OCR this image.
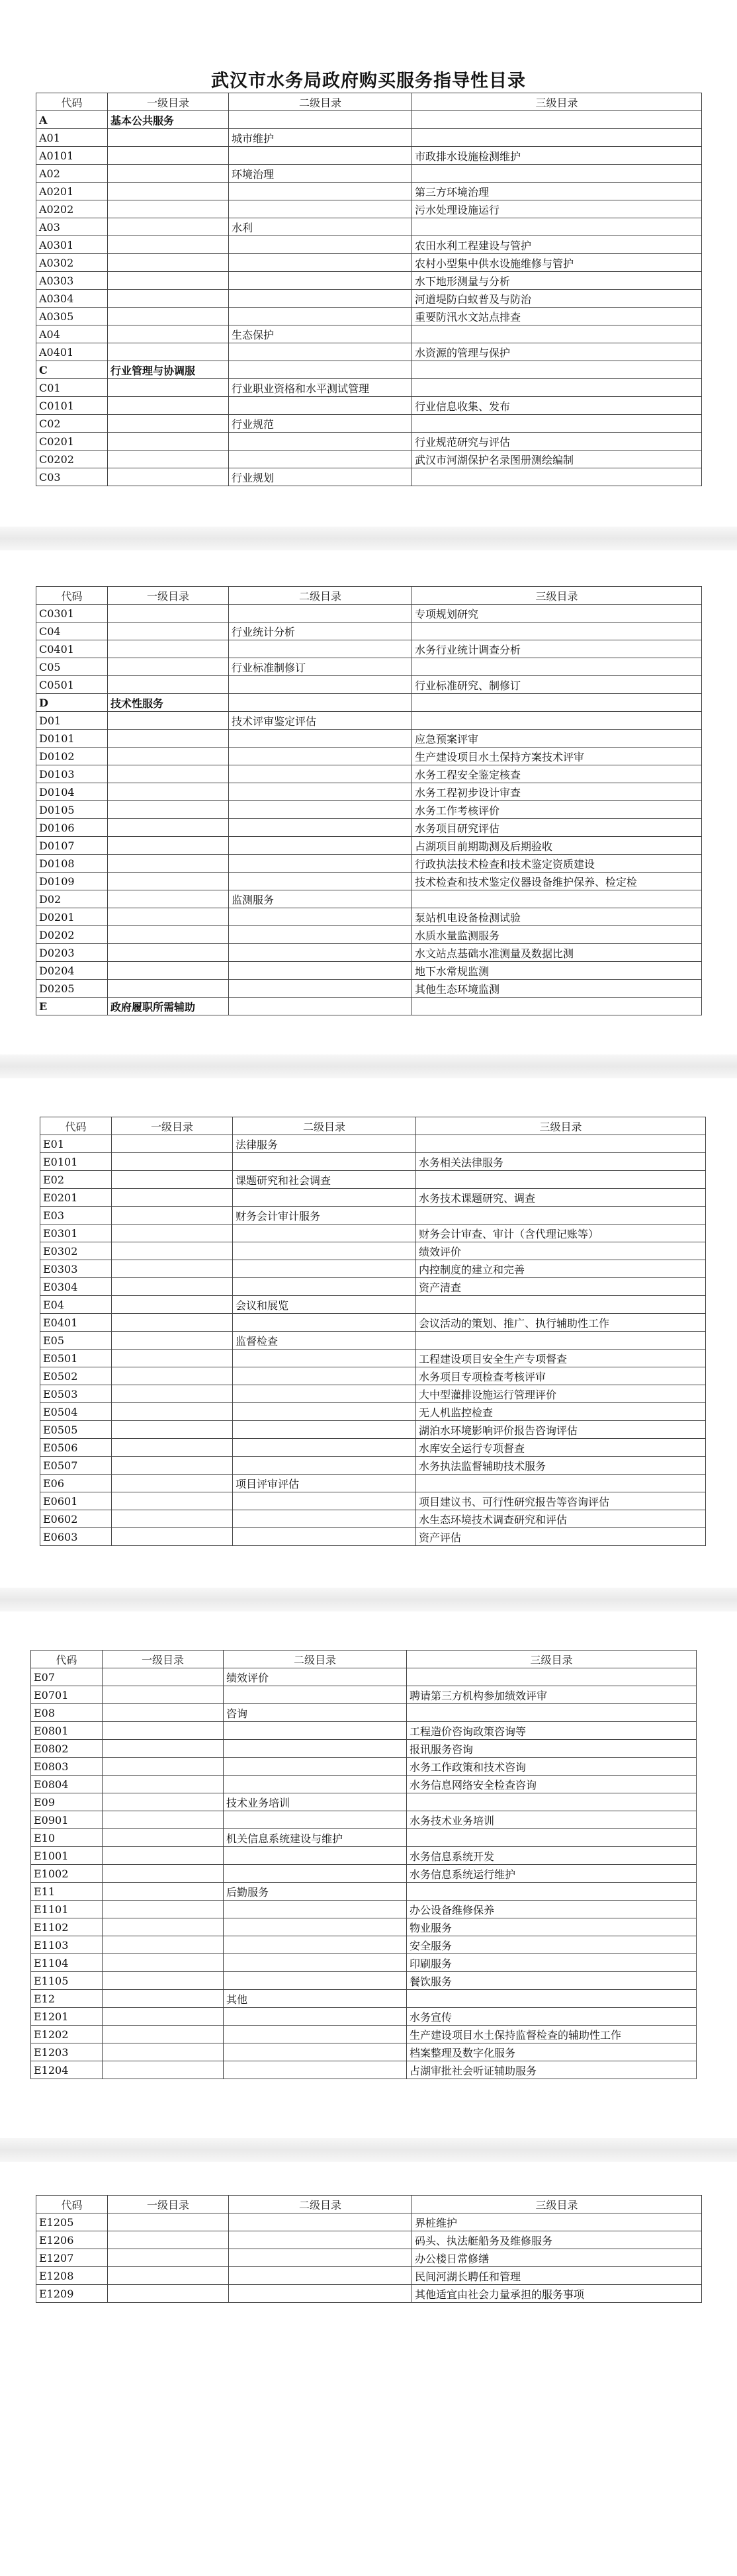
武汉市水务局政府购买服务指导性目录
代码	一级目录	二级目录	三级目录
A	基本公共服务		
A01		城市维护	
A0101			市政排水设施检测维护
A02		环境治理	
A0201			第三方环境治理
A0202			污水处理设施运行
A03		水利	
A0301			农田水利工程建设与管护
A0302			农村小型集中供水设施维修与管护
A0303			水下地形测量与分析
A0304			河道堤防白蚁普及与防治
A0305			重要防汛水文站点排查
A04		生态保护	
A0401			水资源的管理与保护
C	行业管理与协调服		
C01		行业职业资格和水平测试管理	
C0101			行业信息收集、发布
C02		行业规范	
C0201			行业规范研究与评估
C0202			武汉市河湖保护名录图册测绘编制
C03		行业规划	
代码	一级目录	二级目录	三级目录
C0301			专项规划研究
C04		行业统计分析	
C0401			水务行业统计调查分析
C05		行业标准制修订	
C0501			行业标准研究、制修订
D	技术性服务		
D01		技术评审鉴定评估	
D0101			应急预案评审
D0102			生产建设项目水土保持方案技术评审
D0103			水务工程安全鉴定核查
D0104			水务工程初步设计审查
D0105			水务工作考核评价
D0106			水务项目研究评估
D0107			占湖项目前期勘测及后期验收
D0108			行政执法技术检查和技术鉴定资质建设
D0109			技术检查和技术鉴定仪器设备维护保养、检定检
D02		监测服务	
D0201			泵站机电设备检测试验
D0202			水质水量监测服务
D0203			水文站点基础水准测量及数据比测
D0204			地下水常规监测
D0205			其他生态环境监测
E	政府履职所需辅助		
代码	一级目录	二级目录	三级目录
E01		法律服务	
E0101			水务相关法律服务
E02		课题研究和社会调查	
E0201			水务技术课题研究、调查
E03		财务会计审计服务	
E0301			财务会计审查、审计（含代理记账等）
E0302			绩效评价
E0303			内控制度的建立和完善
E0304			资产清查
E04		会议和展览	
E0401			会议活动的策划、推广、执行辅助性工作
E05		监督检查	
E0501			工程建设项目安全生产专项督查
E0502			水务项目专项检查考核评审
E0503			大中型灌排设施运行管理评价
E0504			无人机监控检查
E0505			湖泊水环境影响评价报告咨询评估
E0506			水库安全运行专项督查
E0507			水务执法监督辅助技术服务
E06		项目评审评估	
E0601			项目建议书、可行性研究报告等咨询评估
E0602			水生态环境技术调查研究和评估
E0603			资产评估
代码	一级目录	二级目录	三级目录
E07		绩效评价	
E0701			聘请第三方机构参加绩效评审
E08		咨询	
E0801			工程造价咨询政策咨询等
E0802			报讯服务咨询
E0803			水务工作政策和技术咨询
E0804			水务信息网络安全检查咨询
E09		技术业务培训	
E0901			水务技术业务培训
E10		机关信息系统建设与维护	
E1001			水务信息系统开发
E1002			水务信息系统运行维护
E11		后勤服务	
E1101			办公设备维修保养
E1102			物业服务
E1103			安全服务
E1104			印刷服务
E1105			餐饮服务
E12		其他	
E1201			水务宣传
E1202			生产建设项目水土保持监督检查的辅助性工作
E1203			档案整理及数字化服务
E1204			占湖审批社会听证辅助服务
代码	一级目录	二级目录	三级目录
E1205			界桩维护
E1206			码头、执法艇船务及维修服务
E1207			办公楼日常修缮
E1208			民间河湖长聘任和管理
E1209			其他适宜由社会力量承担的服务事项
